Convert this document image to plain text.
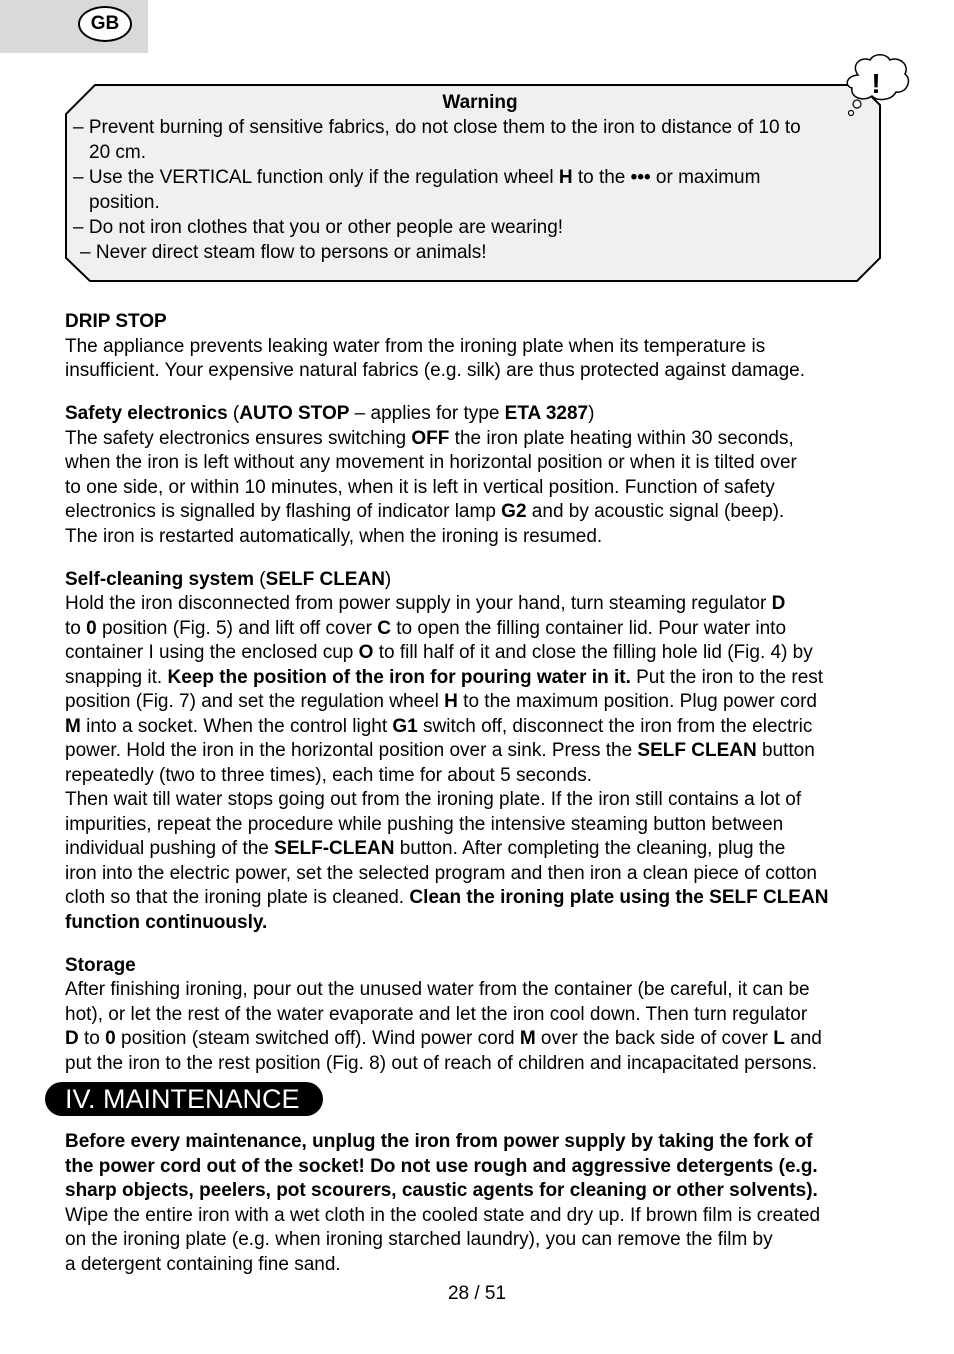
GB
!
Warning
– Prevent burning of sensitive fabrics, do not close them to the iron to distance of 10 to
20 cm.
– Use the VERTICAL function only if the regulation wheel H to the ••• or maximum
position.
– Do not iron clothes that you or other people are wearing!
– Never direct steam flow to persons or animals!
DRIP STOP
The appliance prevents leaking water from the ironing plate when its temperature is
insufficient. Your expensive natural fabrics (e.g. silk) are thus protected against damage.
Safety electronics (AUTO STOP – applies for type ETA 3287)
The safety electronics ensures switching OFF the iron plate heating within 30 seconds,
when the iron is left without any movement in horizontal position or when it is tilted over
to one side, or within 10 minutes, when it is left in vertical position. Function of safety
electronics is signalled by flashing of indicator lamp G2 and by acoustic signal (beep).
The iron is restarted automatically, when the ironing is resumed.
Self-cleaning system (SELF CLEAN)
Hold the iron disconnected from power supply in your hand, turn steaming regulator D
to 0 position (Fig. 5) and lift off cover C to open the filling container lid. Pour water into
container I using the enclosed cup O to fill half of it and close the filling hole lid (Fig. 4) by
snapping it. Keep the position of the iron for pouring water in it. Put the iron to the rest
position (Fig. 7) and set the regulation wheel H to the maximum position. Plug power cord
M into a socket. When the control light G1 switch off, disconnect the iron from the electric
power. Hold the iron in the horizontal position over a sink. Press the SELF CLEAN button
repeatedly (two to three times), each time for about 5 seconds.
Then wait till water stops going out from the ironing plate. If the iron still contains a lot of
impurities, repeat the procedure while pushing the intensive steaming button between
individual pushing of the SELF-CLEAN button. After completing the cleaning, plug the
iron into the electric power, set the selected program and then iron a clean piece of cotton
cloth so that the ironing plate is cleaned. Clean the ironing plate using the SELF CLEAN
function continuously.
Storage
After finishing ironing, pour out the unused water from the container (be careful, it can be
hot), or let the rest of the water evaporate and let the iron cool down. Then turn regulator
D to 0 position (steam switched off). Wind power cord M over the back side of cover L and
put the iron to the rest position (Fig. 8) out of reach of children and incapacitated persons.
IV. MAINTENANCE
Before every maintenance, unplug the iron from power supply by taking the fork of
the power cord out of the socket! Do not use rough and aggressive detergents (e.g.
sharp objects, peelers, pot scourers, caustic agents for cleaning or other solvents).
Wipe the entire iron with a wet cloth in the cooled state and dry up. If brown film is created
on the ironing plate (e.g. when ironing starched laundry), you can remove the film by
a detergent containing fine sand.
28 / 51
